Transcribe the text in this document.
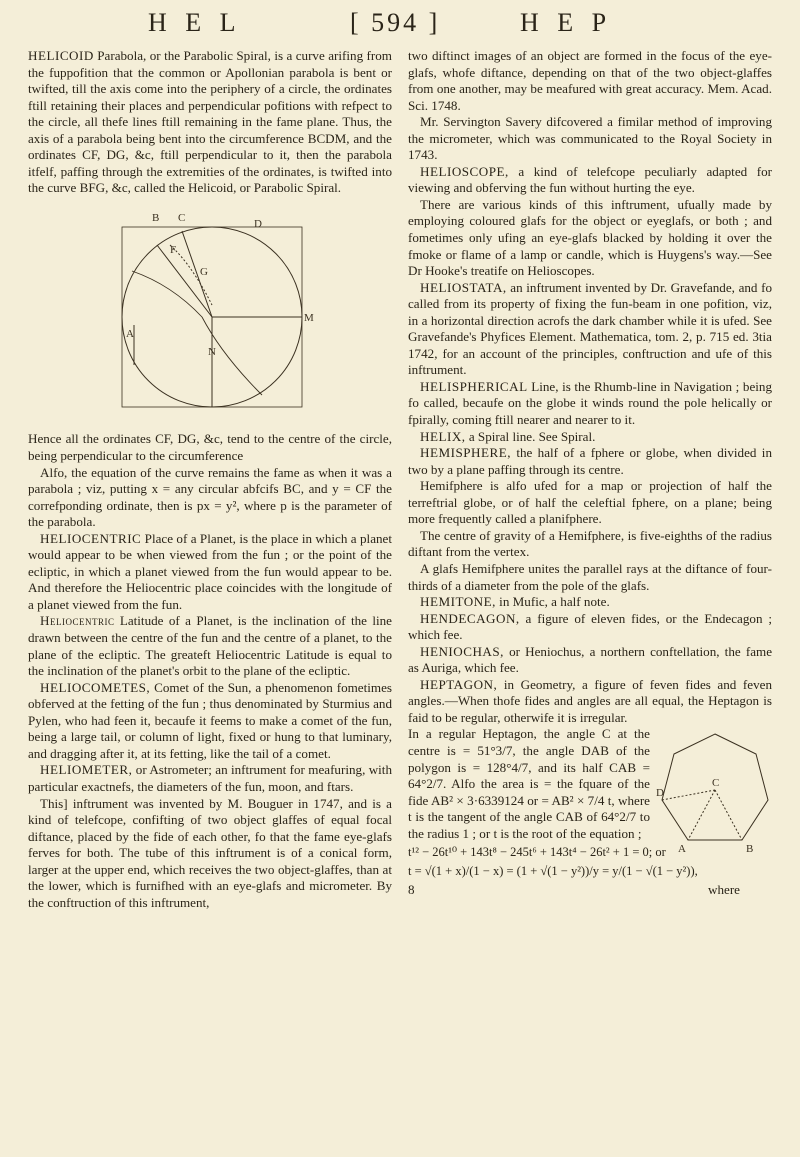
H E L	[ 594 ]	H E P

HELICOID Parabola, or the Parabolic Spiral, is a curve arifing from the fuppofition that the common or Apollonian parabola is bent or twifted, till the axis come into the periphery of a circle, the ordinates ftill retaining their places and perpendicular pofitions with refpect to the circle, all thefe lines ftill remaining in the fame plane. Thus, the axis of a parabola being bent into the circumference BCDM, and the ordinates CF, DG, &c, ftill perpendicular to it, then the parabola itfelf, paffing through the extremities of the ordinates, is twifted into the curve BFG, &c, called the Helicoid, or Parabolic Spiral.

B C	D
F
G
A
M
N

Hence all the ordinates CF, DG, &c, tend to the centre of the circle, being perpendicular to the circumference

Alfo, the equation of the curve remains the fame as when it was a parabola ; viz, putting x = any circular abfcifs BC, and y = CF the correfponding ordinate, then is px = y², where p is the parameter of the parabola.

HELIOCENTRIC Place of a Planet, is the place in which a planet would appear to be when viewed from the fun ; or the point of the ecliptic, in which a planet viewed from the fun would appear to be. And therefore the Heliocentric place coincides with the longitude of a planet viewed from the fun.

Heliocentric Latitude of a Planet, is the inclination of the line drawn between the centre of the fun and the centre of a planet, to the plane of the ecliptic. The greateft Heliocentric Latitude is equal to the inclination of the planet's orbit to the plane of the ecliptic.

HELIOCOMETES, Comet of the Sun, a phenomenon fometimes obferved at the fetting of the fun ; thus denominated by Sturmius and Pylen, who had feen it, becaufe it feems to make a comet of the fun, being a large tail, or column of light, fixed or hung to that luminary, and dragging after it, at its fetting, like the tail of a comet.

HELIOMETER, or Astrometer; an inftrument for meafuring, with particular exactnefs, the diameters of the fun, moon, and ftars.

This] inftrument was invented by M. Bouguer in 1747, and is a kind of telefcope, confifting of two object glaffes of equal focal diftance, placed by the fide of each other, fo that the fame eye-glafs ferves for both. The tube of this inftrument is of a conical form, larger at the upper end, which receives the two object-glaffes, than at the lower, which is furnifhed with an eye-glafs and micrometer. By the conftruction of this inftrument,

two diftinct images of an object are formed in the focus of the eye-glafs, whofe diftance, depending on that of the two object-glaffes from one another, may be meafured with great accuracy. Mem. Acad. Sci. 1748.

Mr. Servington Savery difcovered a fimilar method of improving the micrometer, which was communicated to the Royal Society in 1743.

HELIOSCOPE, a kind of telefcope peculiarly adapted for viewing and obferving the fun without hurting the eye.

There are various kinds of this inftrument, ufually made by employing coloured glafs for the object or eyeglafs, or both ; and fometimes only ufing an eye-glafs blacked by holding it over the fmoke or flame of a lamp or candle, which is Huygens's way.—See Dr Hooke's treatife on Helioscopes.

HELIOSTATA, an inftrument invented by Dr. Gravefande, and fo called from its property of fixing the fun-beam in one pofition, viz, in a horizontal direction acrofs the dark chamber while it is ufed. See Gravefande's Phyfices Element. Mathematica, tom. 2, p. 715 ed. 3tia 1742, for an account of the principles, conftruction and ufe of this inftrument.

HELISPHERICAL Line, is the Rhumb-line in Navigation ; being fo called, becaufe on the globe it winds round the pole helically or fpirally, coming ftill nearer and nearer to it.

HELIX, a Spiral line. See Spiral.

HEMISPHERE, the half of a fphere or globe, when divided in two by a plane paffing through its centre.

Hemifphere is alfo ufed for a map or projection of half the terreftrial globe, or of half the celeftial fphere, on a plane; being more frequently called a planifphere.

The centre of gravity of a Hemifphere, is five-eighths of the radius diftant from the vertex.

A glafs Hemifphere unites the parallel rays at the diftance of four-thirds of a diameter from the pole of the glafs.

HEMITONE, in Mufic, a half note.

HENDECAGON, a figure of eleven fides, or the Endecagon ; which fee.

HENIOCHAS, or Heniochus, a northern conftellation, the fame as Auriga, which fee.

HEPTAGON, in Geometry, a figure of feven fides and feven angles.—When thofe fides and angles are all equal, the Heptagon is faid to be regular, otherwife it is irregular.

C
D
A	B

In a regular Heptagon, the angle C at the centre is = 51°3/7, the angle DAB of the polygon is = 128°4/7, and its half CAB = 64°2/7. Alfo the area is = the fquare of the fide AB² × 3·6339124 or = AB² × 7/4 t, where t is the tangent of the angle CAB of 64°2/7 to the radius 1 ; or t is the root of the equation ;

t¹² − 26t¹⁰ + 143t⁸ − 245t⁶ + 143t⁴ − 26t² + 1 = 0; or
t = √(1 + x)/(1 − x) = (1 + √(1 − y²))/y = y/(1 − √(1 − y²)),
8	where
